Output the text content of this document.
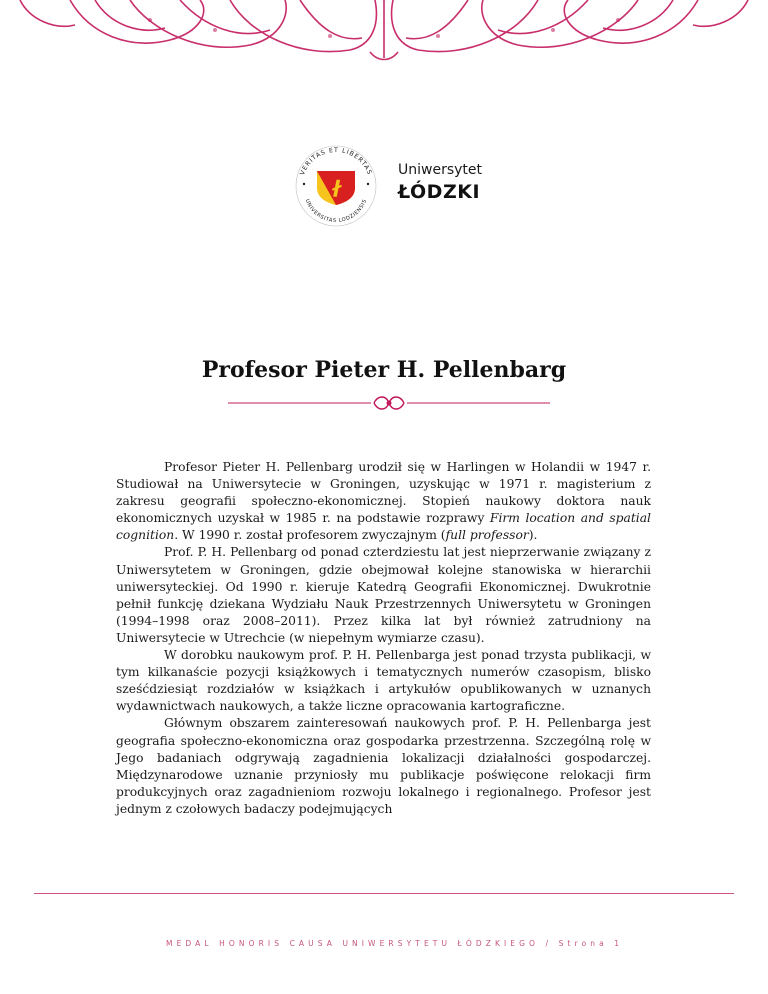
VERITAS ET LIBERTAS
UNIVERSITAS LODZIENSIS
ł
Uniwersytet
ŁÓDZKI
Profesor Pieter H. Pellenbarg

Profesor Pieter H. Pellenbarg urodził się w Harlingen w Holandii w 1947 r. Studiował na Uniwersytecie w Groningen, uzyskując w 1971 r. magisterium z zakresu geografii społeczno-ekonomicznej. Stopień naukowy doktora nauk ekonomicznych uzyskał w 1985 r. na podstawie rozprawy Firm location and spatial cognition. W 1990 r. został profesorem zwyczajnym (full professor).

Prof. P. H. Pellenbarg od ponad czterdziestu lat jest nieprzerwanie związany z Uniwersytetem w Groningen, gdzie obejmował kolejne stanowiska w hierarchii uniwersyteckiej. Od 1990 r. kieruje Katedrą Geografii Ekonomicznej. Dwukrotnie pełnił funkcję dziekana Wydziału Nauk Przestrzennych Uniwersytetu w Groningen (1994–1998 oraz 2008–2011). Przez kilka lat był również zatrudniony na Uniwersytecie w Utrechcie (w niepełnym wymiarze czasu).

W dorobku naukowym prof. P. H. Pellenbarga jest ponad trzysta publikacji, w tym kilkanaście pozycji książkowych i tematycznych numerów czasopism, blisko sześćdziesiąt rozdziałów w książkach i artykułów opublikowanych w uznanych wydawnictwach naukowych, a także liczne opracowania kartograficzne.

Głównym obszarem zainteresowań naukowych prof. P. H. Pellenbarga jest geografia społeczno-ekonomiczna oraz gospodarka przestrzenna. Szczególną rolę w Jego badaniach odgrywają zagadnienia lokalizacji działalności gospodarczej. Międzynarodowe uznanie przyniosły mu publikacje poświęcone relokacji firm produkcyjnych oraz zagadnieniom rozwoju lokalnego i regionalnego. Profesor jest jednym z czołowych badaczy podejmujących

MEDAL HONORIS CAUSA UNIWERSYTETU ŁÓDZKIEGO / Strona 1
